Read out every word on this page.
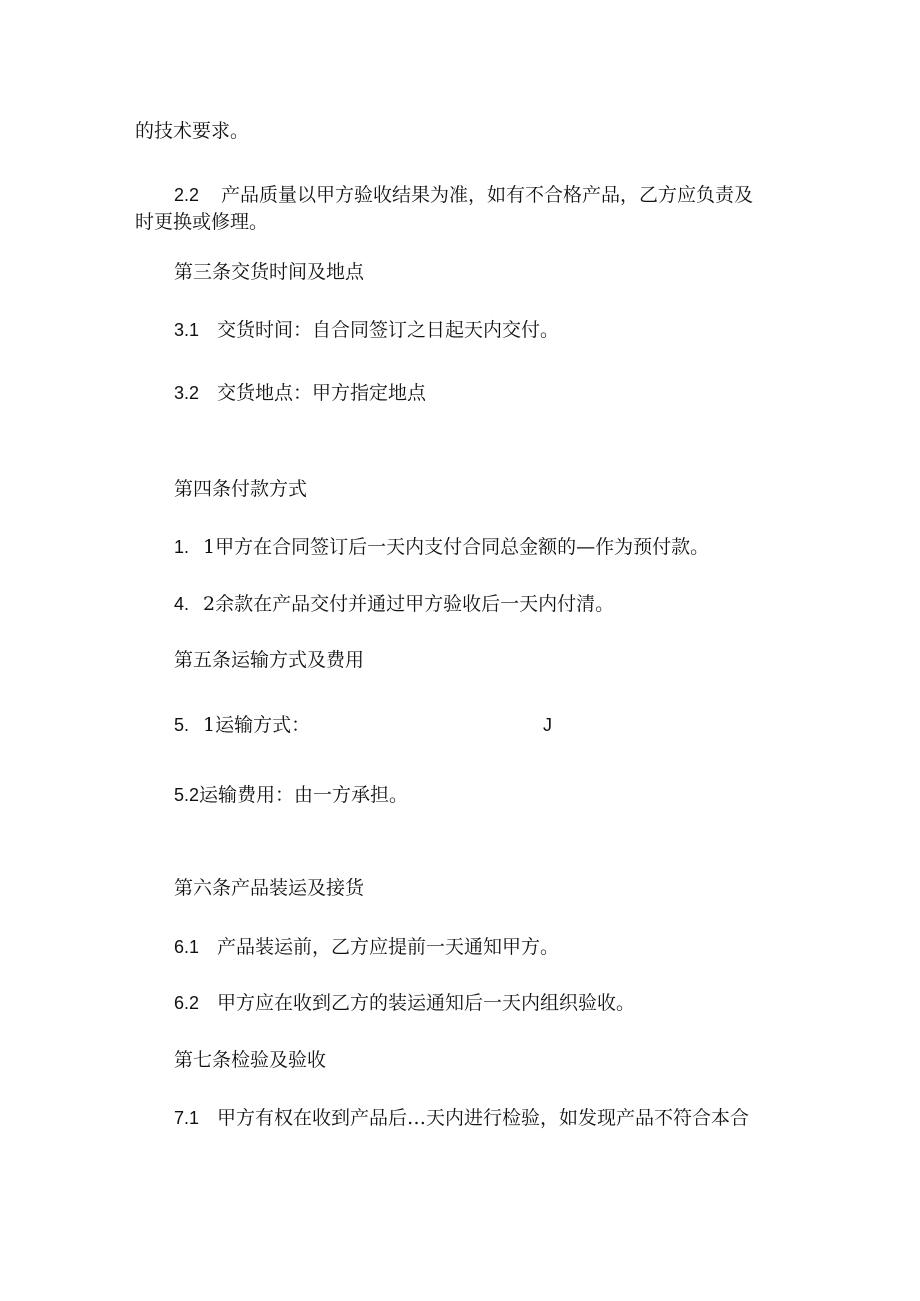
的技术要求。
2.2 产品质量以甲方验收结果为准，如有不合格产品，乙方应负责及
时更换或修理。
第三条交货时间及地点
3.1 交货时间：自合同签订之日起天内交付。
3.2 交货地点：甲方指定地点
第四条付款方式
1. 1甲方在合同签订后一天内支付合同总金额的—作为预付款。
4. 2余款在产品交付并通过甲方验收后一天内付清。
第五条运输方式及费用
5. 1运输方式：	J
5.2运输费用：由一方承担。
第六条产品装运及接货
6.1 产品装运前，乙方应提前一天通知甲方。
6.2 甲方应在收到乙方的装运通知后一天内组织验收。
第七条检验及验收
7.1 甲方有权在收到产品后…天内进行检验，如发现产品不符合本合
